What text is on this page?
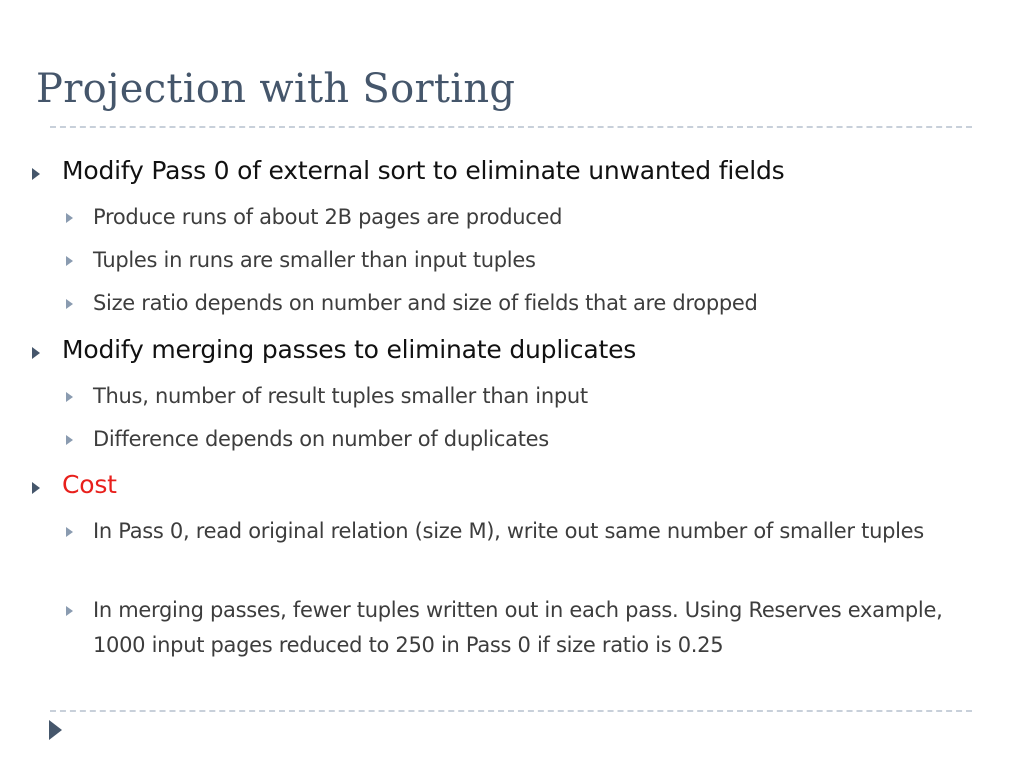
Projection with Sorting
Modify Pass 0 of external sort to eliminate unwanted fields
Produce runs of about 2B pages are produced
Tuples in runs are smaller than input tuples
Size ratio depends on number and size of fields that are dropped
Modify merging passes to eliminate duplicates
Thus, number of result tuples smaller than input
Difference depends on number of duplicates
Cost
In Pass 0, read original relation (size M), write out same number of smaller tuples
In merging passes, fewer tuples written out in each pass. Using Reserves example, 1000 input pages reduced to 250 in Pass 0 if size ratio is 0.25
